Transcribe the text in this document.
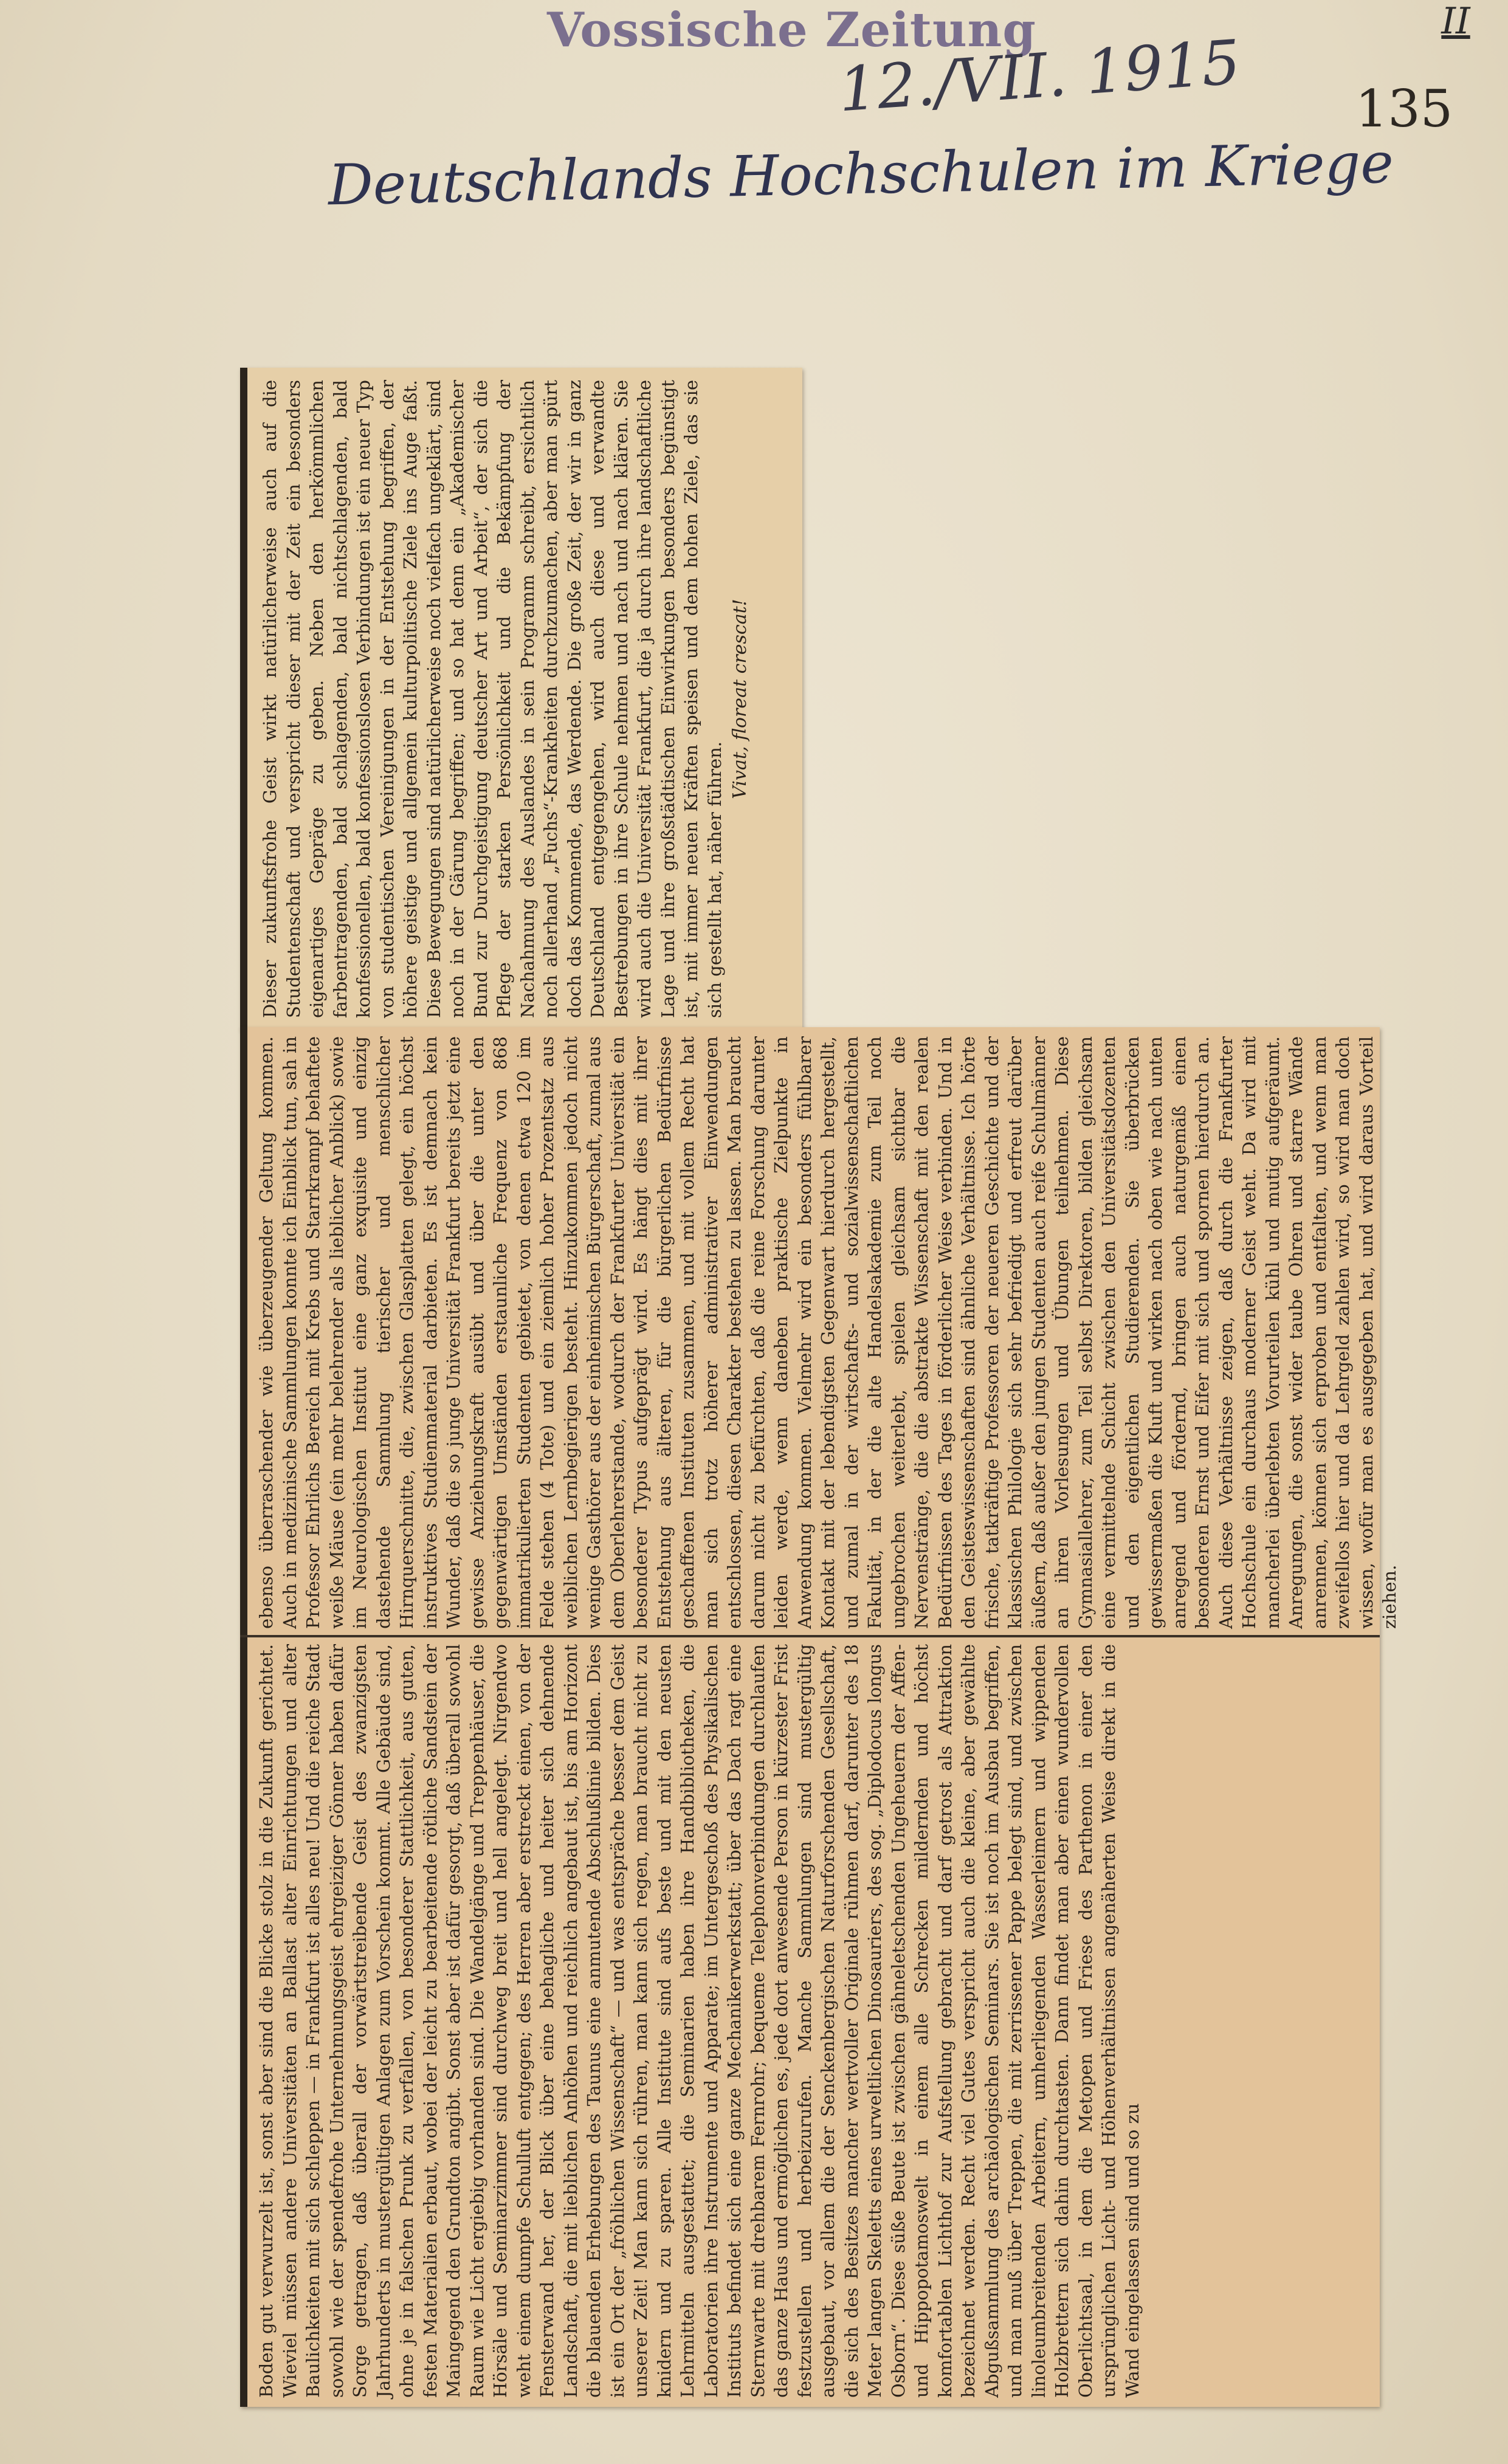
Vossische Zeitung
12./VII. 1915
II
135
Deutschlands Hochschulen im Kriege
Dieser zukunftsfrohe Geist wirkt natürlicherweise auch auf die Studentenschaft und verspricht dieser mit der Zeit ein besonders eigenartiges Gepräge zu geben. Neben den herkömmlichen farbentragenden, bald schlagenden, bald nichtschlagenden, bald konfessionellen, bald konfessionslosen Verbindungen ist ein neuer Typ von studentischen Vereinigungen in der Entstehung begriffen, der höhere geistige und allgemein kulturpolitische Ziele ins Auge faßt. Diese Bewegungen sind natürlicherweise noch vielfach ungeklärt, sind noch in der Gärung begriffen; und so hat denn ein „Akademischer Bund zur Durchgeistigung deutscher Art und Arbeit“, der sich die Pflege der starken Persönlichkeit und die Bekämpfung der Nachahmung des Auslandes in sein Programm schreibt, ersichtlich noch allerhand „Fuchs“-Krankheiten durchzumachen, aber man spürt doch das Kommende, das Werdende. Die große Zeit, der wir in ganz Deutschland entgegengehen, wird auch diese und verwandte Bestrebungen in ihre Schule nehmen und nach und nach klären. Sie wird auch die Universität Frankfurt, die ja durch ihre landschaftliche Lage und ihre großstädtischen Einwirkungen besonders begünstigt ist, mit immer neuen Kräften speisen und dem hohen Ziele, das sie sich gestellt hat, näher führen.
Vivat, floreat crescat!
ebenso überraschender wie überzeugender Geltung kommen. Auch in medizinische Sammlungen konnte ich Einblick tun, sah in Professor Ehrlichs Bereich mit Krebs und Starrkrampf behaftete weiße Mäuse (ein mehr belehrender als lieblicher Anblick) sowie im Neurologischen Institut eine ganz exquisite und einzig dastehende Sammlung tierischer und menschlicher Hirnquerschnitte, die, zwischen Glasplatten gelegt, ein höchst instruktives Studienmaterial darbieten. Es ist demnach kein Wunder, daß die so junge Universität Frankfurt bereits jetzt eine gewisse Anziehungskraft ausübt und über die unter den gegenwärtigen Umständen erstaunliche Frequenz von 868 immatrikulierten Studenten gebietet, von denen etwa 120 im Felde stehen (4 Tote) und ein ziemlich hoher Prozentsatz aus weiblichen Lernbegierigen besteht. Hinzukommen jedoch nicht wenige Gasthörer aus der einheimischen Bürgerschaft, zumal aus dem Oberlehrerstande, wodurch der Frankfurter Universität ein besonderer Typus aufgeprägt wird. Es hängt dies mit ihrer Entstehung aus älteren, für die bürgerlichen Bedürfnisse geschaffenen Instituten zusammen, und mit vollem Recht hat man sich trotz höherer administrativer Einwendungen entschlossen, diesen Charakter bestehen zu lassen. Man braucht darum nicht zu befürchten, daß die reine Forschung darunter leiden werde, wenn daneben praktische Zielpunkte in Anwendung kommen. Vielmehr wird ein besonders fühlbarer Kontakt mit der lebendigsten Gegenwart hierdurch hergestellt, und zumal in der wirtschafts- und sozialwissenschaftlichen Fakultät, in der die alte Handelsakademie zum Teil noch ungebrochen weiterlebt, spielen gleichsam sichtbar die Nervenstränge, die die abstrakte Wissenschaft mit den realen Bedürfnissen des Tages in förderlicher Weise verbinden. Und in den Geisteswissenschaften sind ähnliche Verhältnisse. Ich hörte frische, tatkräftige Professoren der neueren Geschichte und der klassischen Philologie sich sehr befriedigt und erfreut darüber äußern, daß außer den jungen Studenten auch reife Schulmänner an ihren Vorlesungen und Übungen teilnehmen. Diese Gymnasiallehrer, zum Teil selbst Direktoren, bilden gleichsam eine vermittelnde Schicht zwischen den Universitätsdozenten und den eigentlichen Studierenden. Sie überbrücken gewissermaßen die Kluft und wirken nach oben wie nach unten anregend und fördernd, bringen auch naturgemäß einen besonderen Ernst und Eifer mit sich und spornen hierdurch an. Auch diese Verhältnisse zeigen, daß durch die Frankfurter Hochschule ein durchaus moderner Geist weht. Da wird mit mancherlei überlebten Vorurteilen kühl und mutig aufgeräumt. Anregungen, die sonst wider taube Ohren und starre Wände anrennen, können sich erproben und entfalten, und wenn man zweifellos hier und da Lehrgeld zahlen wird, so wird man doch wissen, wofür man es ausgegeben hat, und wird daraus Vorteil ziehen.
Boden gut verwurzelt ist, sonst aber sind die Blicke stolz in die Zukunft gerichtet. Wieviel müssen andere Universitäten an Ballast alter Einrichtungen und alter Baulichkeiten mit sich schleppen — in Frankfurt ist alles neu! Und die reiche Stadt sowohl wie der spendefrohe Unternehmungsgeist ehrgeiziger Gönner haben dafür Sorge getragen, daß überall der vorwärtstreibende Geist des zwanzigsten Jahrhunderts in mustergültigen Anlagen zum Vorschein kommt. Alle Gebäude sind, ohne je in falschen Prunk zu verfallen, von besonderer Stattlichkeit, aus guten, festen Materialien erbaut, wobei der leicht zu bearbeitende rötliche Sandstein der Maingegend den Grundton angibt. Sonst aber ist dafür gesorgt, daß überall sowohl Raum wie Licht ergiebig vorhanden sind. Die Wandelgänge und Treppenhäuser, die Hörsäle und Seminarzimmer sind durchweg breit und hell angelegt. Nirgendwo weht einem dumpfe Schulluft entgegen; des Herren aber erstreckt einen, von der Fensterwand her, der Blick über eine behagliche und heiter sich dehnende Landschaft, die mit lieblichen Anhöhen und reichlich angebaut ist, bis am Horizont die blauenden Erhebungen des Taunus eine anmutende Abschlußlinie bilden. Dies ist ein Ort der „fröhlichen Wissenschaft“ — und was entspräche besser dem Geist unserer Zeit! Man kann sich rühren, man kann sich regen, man braucht nicht zu knidern und zu sparen. Alle Institute sind aufs beste und mit den neusten Lehrmitteln ausgestattet; die Seminarien haben ihre Handbibliotheken, die Laboratorien ihre Instrumente und Apparate; im Untergeschoß des Physikalischen Instituts befindet sich eine ganze Mechanikerwerkstatt; über das Dach ragt eine Sternwarte mit drehbarem Fernrohr; bequeme Telephonverbindungen durchlaufen das ganze Haus und ermöglichen es, jede dort anwesende Person in kürzester Frist festzustellen und herbeizurufen. Manche Sammlungen sind mustergültig ausgebaut, vor allem die der Senckenbergischen Naturforschenden Gesellschaft, die sich des Besitzes mancher wertvoller Originale rühmen darf, darunter des 18 Meter langen Skeletts eines urweltlichen Dinosauriers, des sog. „Diplodocus longus Osborn“. Diese süße Beute ist zwischen gähneletschenden Ungeheuern der Affen- und Hippopotamoswelt in einem alle Schrecken mildernden und höchst komfortablen Lichthof zur Aufstellung gebracht und darf getrost als Attraktion bezeichnet werden. Recht viel Gutes verspricht auch die kleine, aber gewählte Abgußsammlung des archäologischen Seminars. Sie ist noch im Ausbau begriffen, und man muß über Treppen, die mit zerrissener Pappe belegt sind, und zwischen linoleumbreitenden Arbeitern, umherliegenden Wasserleimern und wippenden Holzbrettern sich dahin durchtasten. Dann findet man aber einen wundervollen Oberlichtsaal, in dem die Metopen und Friese des Parthenon in einer den ursprünglichen Licht- und Höhenverhältnissen angenäherten Weise direkt in die Wand eingelassen sind und so zu
